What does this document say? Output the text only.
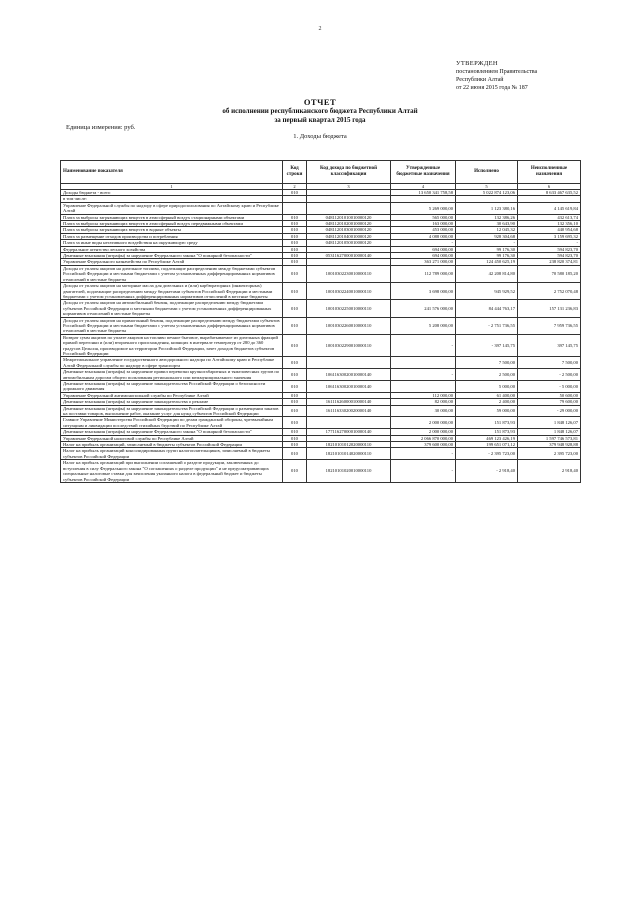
2
УТВЕРЖДЕН
постановлением Правительства
Республики Алтай
от 22 июня 2015 года № 187
ОТЧЕТ
об исполнении республиканского бюджета Республики Алтай
за первый квартал 2015 года
Единица измерения: руб.
1. Доходы бюджета
Наименование показателя	Код строки	Код дохода по бюджетной классификации	Утвержденные бюджетные назначения	Исполнено	Неисполненные назначения
1	2	3	4	5	6
Доходы бюджета - всего	010		13 650 341 758,58	5 022 874 123,06	8 633 467 635,52
в том числе:					
Управление Федеральной службы по надзору в сфере природопользования по Алтайскому краю и Республике Алтай			5 269 000,00	1 123 380,16	4 145 619,84
Плата за выбросы загрязняющих веществ в атмосферный воздух стационарными объектами	010	04811201010010000120	565 000,00	132 386,26	432 613,74
Плата за выбросы загрязняющих веществ в атмосферный воздух передвижными объектами	010	04811201020010000120	163 000,00	30 643,90	132 356,10
Плата за выбросы загрязняющих веществ в водные объекты	010	04811201030010000120	453 000,00	12 045,32	440 954,68
Плата за размещение отходов производства и потребления	010	04811201040010000120	4 088 000,00	928 304,68	3 159 695,32
Плата за иные виды негативного воздействия на окружающую среду	010	04811201050010000120	-	-	-
Федеральное агентство лесного хозяйства	010		694 000,00	99 176,30	594 823,70
Денежные взыскания (штрафы) за нарушение Федерального закона "О пожарной безопасности"	010	05311627000010000140	694 000,00	99 176,30	594 823,70
Управление Федерального казначейства по Республике Алтай	010		363 271 000,00	124 450 625,19	238 820 374,81
Доходы от уплаты акцизов на дизельное топливо, подлежащие распределению между бюджетами субъектов Российской Федерации и местными бюджетами с учетом установленных дифференцированных нормативов отчислений в местные бюджеты	010	10010302230010000110	112 789 000,00	42 208 814,80	70 580 185,20
Доходы от уплаты акцизов на моторные масла для дизельных и (или) карбюраторных (инжекторных) двигателей, подлежащие распределению между бюджетами субъектов Российской Федерации и местными бюджетами с учетом установленных дифференцированных нормативов отчислений в местные бюджеты	010	10010302240010000110	3 698 000,00	945 929,52	2 752 070,48
Доходы от уплаты акцизов на автомобильный бензин, подлежащие распределению между бюджетами субъектов Российской Федерации и местными бюджетами с учетом установленных дифференцированных нормативов отчислений в местные бюджеты	010	10010302250010000110	241 576 000,00	84 444 763,17	157 131 236,83
Доходы от уплаты акцизов на прямогонный бензин, подлежащие распределению между бюджетами субъектов Российской Федерации и местными бюджетами с учетом установленных дифференцированных нормативов отчислений в местные бюджеты	010	10010302260010000110	5 208 000,00	- 2 751 736,55	7 959 736,55
Возврат сумм акцизов по уплате акцизов на топливо печное бытовое, вырабатываемое из дизельных фракций прямой перегонки и (или) вторичного происхождения, кипящих в интервале температур от 280 до 360 градусов Цельсия, производимое на территории Российской Федерации, зачет доходов бюджетов субъектов Российской Федерации	010	10010302290010000110	-	- 397 145,75	397 145,75
Межрегиональное управление государственного автодорожного надзора по Алтайскому краю и Республике Алтай Федеральной службы по надзору в сфере транспорта	010			7 500,00	7 500,00
Денежные взыскания (штрафы) за нарушение правил перевозки крупногабаритных и тяжеловесных грузов по автомобильным дорогам общего пользования регионального или межмуниципального значения	010	10611630020010000140	-	2 500,00	- 2 500,00
Денежные взыскания (штрафы) за нарушение законодательства Российской Федерации о безопасности дорожного движения	010	10611630020010000140		5 000,00	- 5 000,00
Управление Федеральной антимонопольной службы по Республике Алтай	010		112 000,00	61 400,00	50 600,00
Денежные взыскания (штрафы) за нарушение законодательства о рекламе	010	16111626000010000140	82 000,00	2 400,00	79 600,00
Денежные взыскания (штрафы) за нарушение законодательства Российской Федерации о размещении заказов на поставки товаров, выполнение работ, оказание услуг для нужд субъектов Российской Федерации	010	16111633020020000140	30 000,00	59 000,00	- 29 000,00
Главное Управление Министерства Российской Федерации по делам гражданской обороны, чрезвычайным ситуациям и ликвидации последствий стихийных бедствий по Республике Алтай	010		2 000 000,00	151 873,93	1 848 126,07
Денежные взыскания (штрафы) за нарушение Федерального закона "О пожарной безопасности"	010	17711627000010000140	2 000 000,00	151 873,93	1 848 126,07
Управление Федеральной налоговой службы по Республике Алтай	010		2 066 870 000,00	469 123 426,19	1 597 746 573,81
Налог на прибыль организаций, зачисляемый в бюджеты субъектов Российской Федерации	010	18210101012020000110	379 600 000,00	199 651 071,12	379 948 928,88
Налог на прибыль организаций консолидированных групп налогоплательщиков, зачисляемый в бюджеты субъектов Российской Федерации	010	18210101014020000110	-	- 2 395 723,00	2 395 723,00
Налог на прибыль организаций при выполнении соглашений о разделе продукции, заключенных до вступления в силу Федерального закона "О соглашениях о разделе продукции" и не предусматривающих специальные налоговые ставки для зачисления указанного налога в федеральный бюджет и бюджеты субъектов Российской Федерации	010	18210101020010000110	-	- 2 918,40	2 918,40
